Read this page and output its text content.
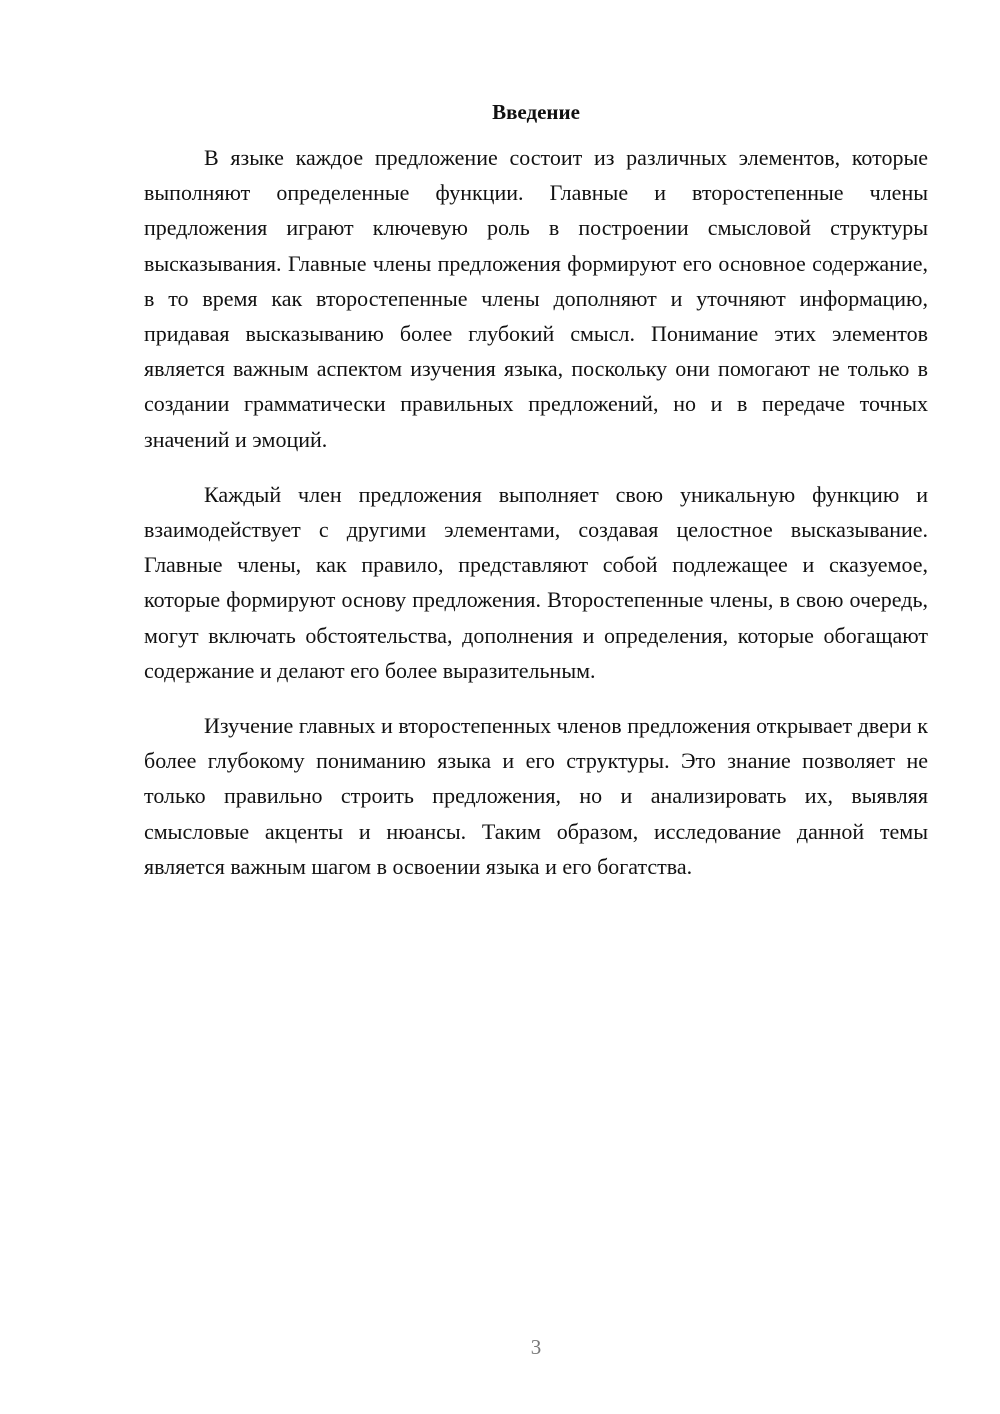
Введение

В языке каждое предложение состоит из различных элементов, которые выполняют определенные функции. Главные и второстепенные члены предложения играют ключевую роль в построении смысловой структуры высказывания. Главные члены предложения формируют его основное содержание, в то время как второстепенные члены дополняют и уточняют информацию, придавая высказыванию более глубокий смысл. Понимание этих элементов является важным аспектом изучения языка, поскольку они помогают не только в создании грамматически правильных предложений, но и в передаче точных значений и эмоций.

Каждый член предложения выполняет свою уникальную функцию и взаимодействует с другими элементами, создавая целостное высказывание. Главные члены, как правило, представляют собой подлежащее и сказуемое, которые формируют основу предложения. Второстепенные члены, в свою очередь, могут включать обстоятельства, дополнения и определения, которые обогащают содержание и делают его более выразительным.

Изучение главных и второстепенных членов предложения открывает двери к более глубокому пониманию языка и его структуры. Это знание позволяет не только правильно строить предложения, но и анализировать их, выявляя смысловые акценты и нюансы. Таким образом, исследование данной темы является важным шагом в освоении языка и его богатства.

3
